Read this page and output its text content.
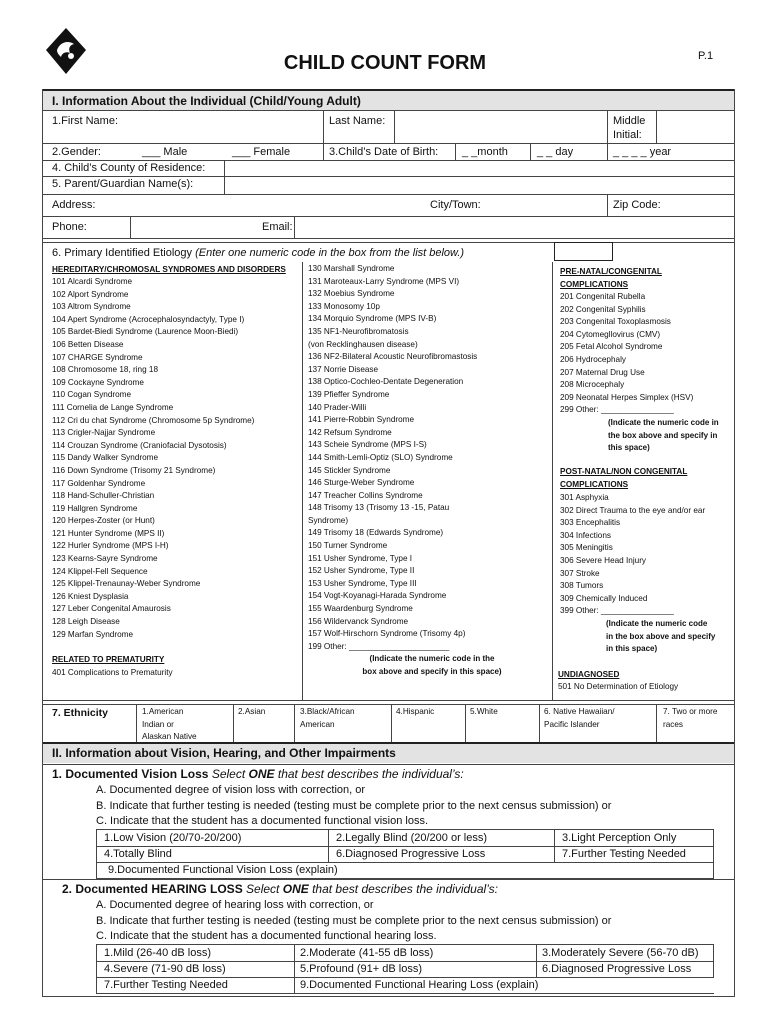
CHILD COUNT FORM	P.1
I. Information About the Individual (Child/Young Adult)
1.First Name:	Last Name:	Middle
Initial:
2.Gender:	___ Male	___ Female	3.Child’s Date of Birth: _ _month	_ _ day	_ _ _ _ year
4. Child’s County of Residence:
5. Parent/Guardian Name(s):
Address:	City/Town:	Zip Code:
Phone:	Email:
6. Primary Identified Etiology (Enter one numeric code in the box from the list below.)
HEREDITARY/CHROMOSAL SYNDROMES AND DISORDERS
101 Alcardi Syndrome
102 Alport Syndrome
103 Altrom Syndrome
104 Apert Syndrome (Acrocephalosyndactyly, Type I)
105 Bardet-Biedi Syndrome (Laurence Moon-Biedi)
106 Betten Disease
107 CHARGE Syndrome
108 Chromosome 18, ring 18
109 Cockayne Syndrome
110 Cogan Syndrome
111 Cornelia de Lange Syndrome
112 Cri du chat Syndrome (Chromosome 5p Syndrome)
113 Crigler-Najjar Syndrome
114 Crouzan Syndrome (Craniofacial Dysotosis)
115 Dandy Walker Syndrome
116 Down Syndrome (Trisomy 21 Syndrome)
117 Goldenhar Syndrome
118 Hand-Schuller-Christian
119 Hallgren Syndrome
120 Herpes-Zoster (or Hunt)
121 Hunter Syndrome (MPS II)
122 Hurler Syndrome (MPS I-H)
123 Kearns-Sayre Syndrome
124 Klippel-Fell Sequence
125 Klippel-Trenaunay-Weber Syndrome
126 Kniest Dysplasia
127 Leber Congenital Amaurosis
128 Leigh Disease
129 Marfan Syndrome
RELATED TO PREMATURITY
401 Complications to Prematurity
130 Marshall Syndrome
131 Maroteaux-Larry Syndrome (MPS VI)
132 Moebius Syndrome
133 Monosomy 10p
134 Morquio Syndrome (MPS IV-B)
135 NF1-Neurofibromatosis
(von Recklinghausen disease)
136 NF2-Bilateral Acoustic Neurofibromastosis
137 Norrie Disease
138 Optico-Cochleo-Dentate Degeneration
139 Pfieffer Syndrome
140 Prader-Willi
141 Pierre-Robbin Syndrome
142 Refsum Syndrome
143 Scheie Syndrome (MPS I-S)
144 Smith-Lemli-Optiz (SLO) Syndrome
145 Stickler Syndrome
146 Sturge-Weber Syndrome
147 Treacher Collins Syndrome
148 Trisomy 13 (Trisomy 13 -15, Patau
Syndrome)
149 Trisomy 18 (Edwards Syndrome)
150 Turner Syndrome
151 Usher Syndrome, Type I
152 Usher Syndrome, Type II
153 Usher Syndrome, Type III
154 Vogt-Koyanagi-Harada Syndrome
155 Waardenburg Syndrome
156 Wildervanck Syndrome
157 Wolf-Hirschorn Syndrome (Trisomy 4p)
199 Other: ______________________
(Indicate the numeric code in the
box above and specify in this space)
PRE-NATAL/CONGENITAL
COMPLICATIONS
201 Congenital Rubella
202 Congenital Syphilis
203 Congenital Toxoplasmosis
204 Cytomegllovirus (CMV)
205 Fetal Alcohol Syndrome
206 Hydrocephaly
207 Maternal Drug Use
208 Microcephaly
209 Neonatal Herpes Simplex (HSV)
299 Other: ________________
(Indicate the numeric code in
the box above and specify in
this space)
POST-NATAL/NON CONGENITAL
COMPLICATIONS
301 Asphyxia
302 Direct Trauma to the eye and/or ear
303 Encephalitis
304 Infections
305 Meningitis
306 Severe Head Injury
307 Stroke
308 Tumors
309 Chemically Induced
399 Other: ________________
(Indicate the numeric code
in the box above and specify
in this space)
UNDIAGNOSED
501 No Determination of Etiology
7. Ethnicity	1.American
Indian or
Alaskan Native
2.Asian	3.Black/African
American
4.Hispanic	5.White	6. Native Hawaiian/
Pacific Islander
7. Two or more
races
II. Information about Vision, Hearing, and Other Impairments
1. Documented Vision Loss Select ONE that best describes the individual’s:
A. Documented degree of vision loss with correction, or
B. Indicate that further testing is needed (testing must be complete prior to the next census submission) or
C. Indicate that the student has a documented functional vision loss.
1.Low Vision (20/70-20/200)	2.Legally Blind (20/200 or less)	3.Light Perception Only
4.Totally Blind	6.Diagnosed Progressive Loss	7.Further Testing Needed
9.Documented Functional Vision Loss (explain)
2. Documented HEARING LOSS Select ONE that best describes the individual’s:
A. Documented degree of hearing loss with correction, or
B. Indicate that further testing is needed (testing must be complete prior to the next census submission) or
C. Indicate that the student has a documented functional hearing loss.
1.Mild (26-40 dB loss)	2.Moderate (41-55 dB loss)	3.Moderately Severe (56-70 dB)
4.Severe (71-90 dB loss)	5.Profound (91+ dB loss)	6.Diagnosed Progressive Loss
7.Further Testing Needed	9.Documented Functional Hearing Loss (explain)
